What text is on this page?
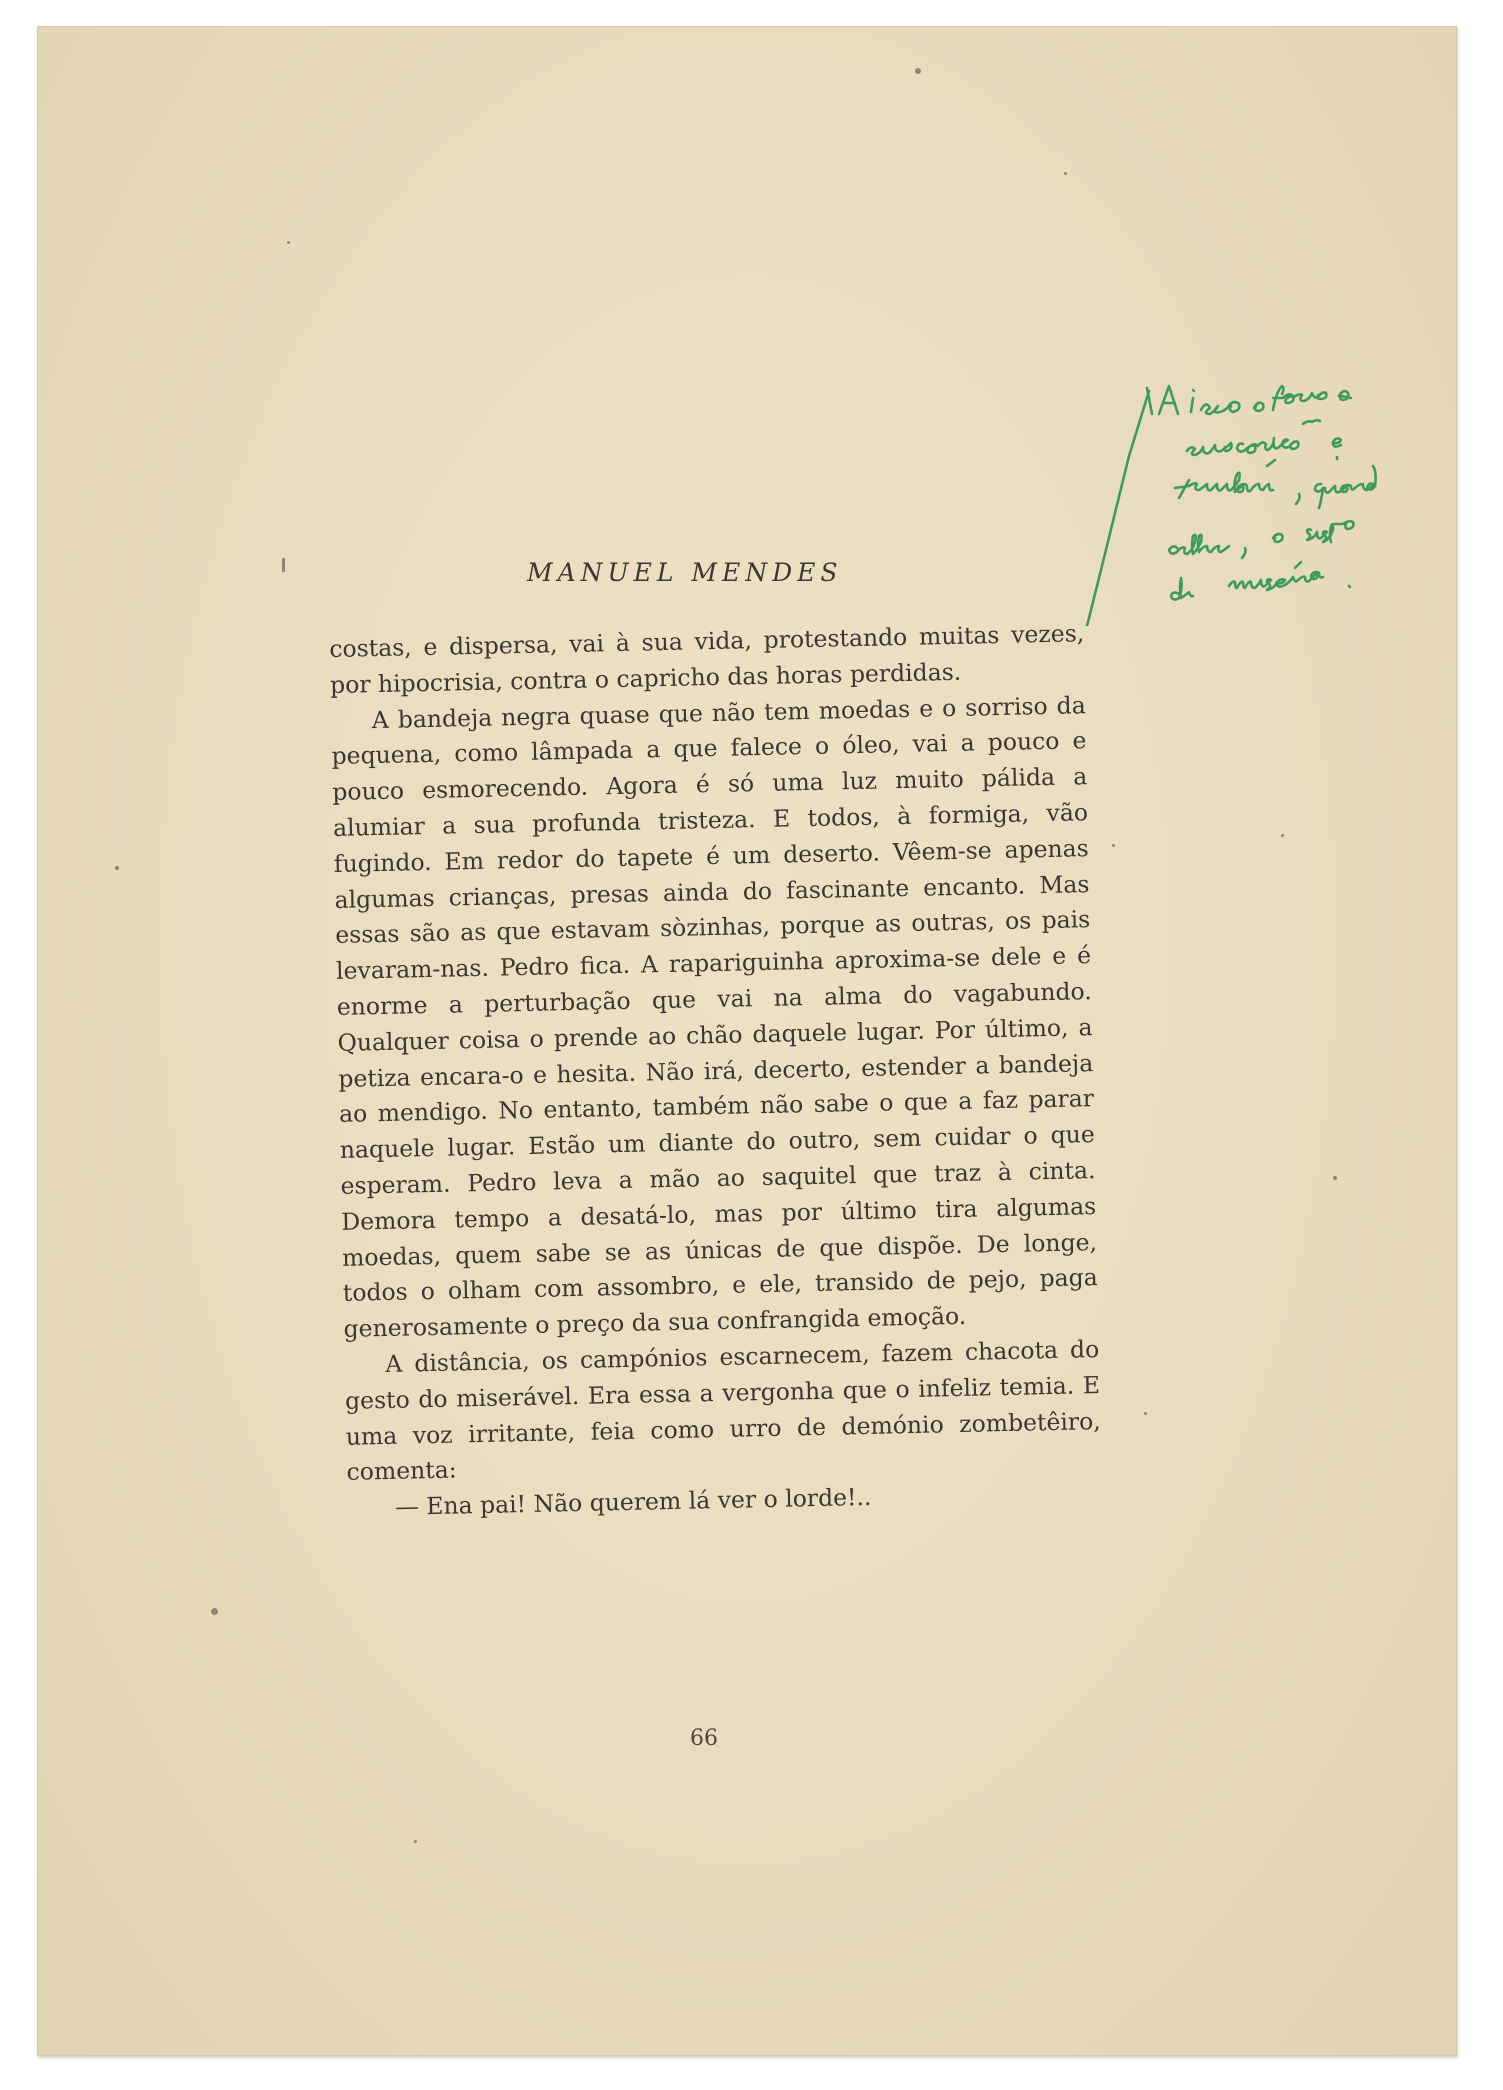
MANUEL MENDES

costas, e dispersa, vai à sua vida, protestando muitas vezes, por hipocrisia, contra o capricho das horas perdidas.

A bandeja negra quase que não tem moedas e o sorriso da pequena, como lâmpada a que falece o óleo, vai a pouco e pouco esmorecendo. Agora é só uma luz muito pálida a alumiar a sua profunda tristeza. E todos, à formiga, vão fugindo. Em redor do tapete é um deserto. Vêem-se apenas algumas crianças, presas ainda do fascinante encanto. Mas essas são as que estavam sòzinhas, porque as outras, os pais levaram-nas. Pedro fica. A rapariguinha aproxima-se dele e é enorme a perturbação que vai na alma do vagabundo. Qualquer coisa o prende ao chão daquele lugar. Por último, a petiza encara-o e hesita. Não irá, decerto, estender a bandeja ao mendigo. No entanto, também não sabe o que a faz parar naquele lugar. Estão um diante do outro, sem cuidar o que esperam. Pedro leva a mão ao saquitel que traz à cinta. Demora tempo a desatá-lo, mas por último tira algumas moedas, quem sabe se as únicas de que dispõe. De longe, todos o olham com assombro, e ele, transido de pejo, paga generosamente o preço da sua confrangida emoção.

A distância, os campónios escarnecem, fazem chacota do gesto do miserável. Era essa a vergonha que o infeliz temia. E uma voz irritante, feia como urro de demónio zombetêiro, comenta:

— Ena pai! Não querem lá ver o lorde!..

66
